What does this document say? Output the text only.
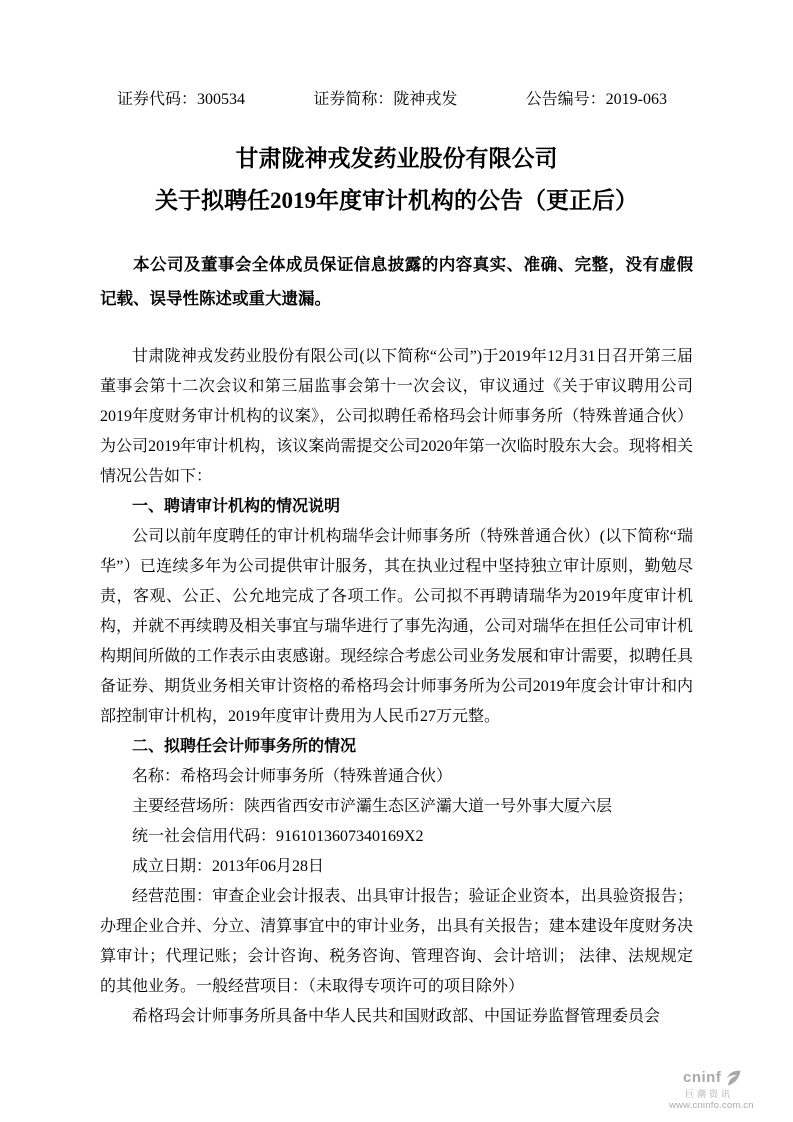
证券代码：300534	证券简称：陇神戎发	公告编号：2019-063
甘肃陇神戎发药业股份有限公司
关于拟聘任2019年度审计机构的公告（更正后）
本公司及董事会全体成员保证信息披露的内容真实、准确、完整，没有虚假记载、误导性陈述或重大遗漏。

甘肃陇神戎发药业股份有限公司(以下简称“公司”)于2019年12月31日召开第三届董事会第十二次会议和第三届监事会第十一次会议，审议通过《关于审议聘用公司2019年度财务审计机构的议案》，公司拟聘任希格玛会计师事务所（特殊普通合伙）为公司2019年审计机构，该议案尚需提交公司2020年第一次临时股东大会。现将相关情况公告如下：

一、聘请审计机构的情况说明

公司以前年度聘任的审计机构瑞华会计师事务所（特殊普通合伙）(以下简称“瑞华”）已连续多年为公司提供审计服务，其在执业过程中坚持独立审计原则，勤勉尽责，客观、公正、公允地完成了各项工作。公司拟不再聘请瑞华为2019年度审计机构，并就不再续聘及相关事宜与瑞华进行了事先沟通，公司对瑞华在担任公司审计机构期间所做的工作表示由衷感谢。现经综合考虑公司业务发展和审计需要，拟聘任具备证券、期货业务相关审计资格的希格玛会计师事务所为公司2019年度会计审计和内部控制审计机构，2019年度审计费用为人民币27万元整。

二、拟聘任会计师事务所的情况

名称：希格玛会计师事务所（特殊普通合伙）

主要经营场所：陕西省西安市浐灞生态区浐灞大道一号外事大厦六层

统一社会信用代码：9161013607340169X2

成立日期：2013年06月28日

经营范围：审查企业会计报表、出具审计报告；验证企业资本，出具验资报告；办理企业合并、分立、清算事宜中的审计业务，出具有关报告；建本建设年度财务决算审计；代理记账；会计咨询、税务咨询、管理咨询、会计培训； 法律、法规规定的其他业务。一般经营项目：（未取得专项许可的项目除外）

希格玛会计师事务所具备中华人民共和国财政部、中国证券监督管理委员会

cninf
巨潮资讯
www.cninfo.com.cn
